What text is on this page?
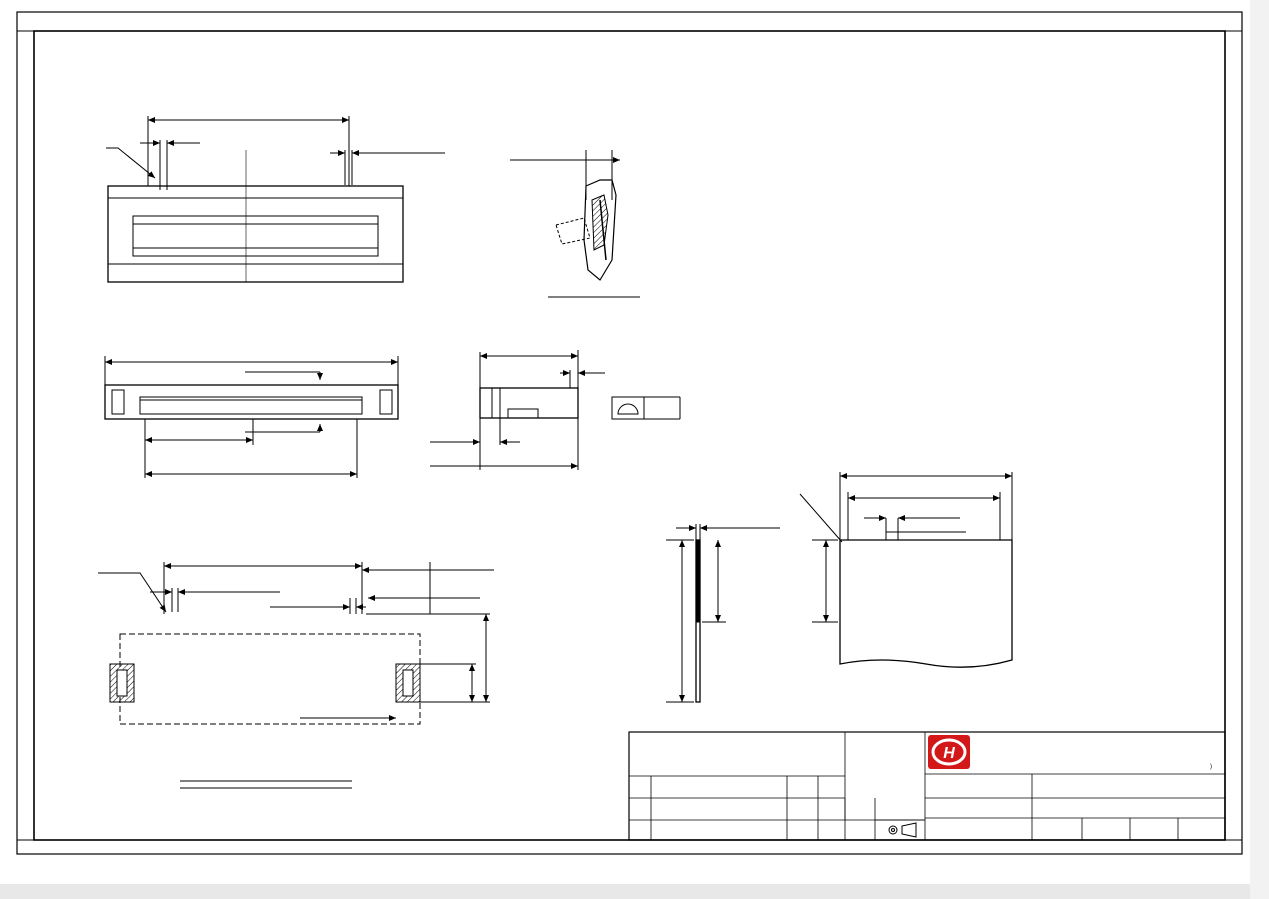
H
)
